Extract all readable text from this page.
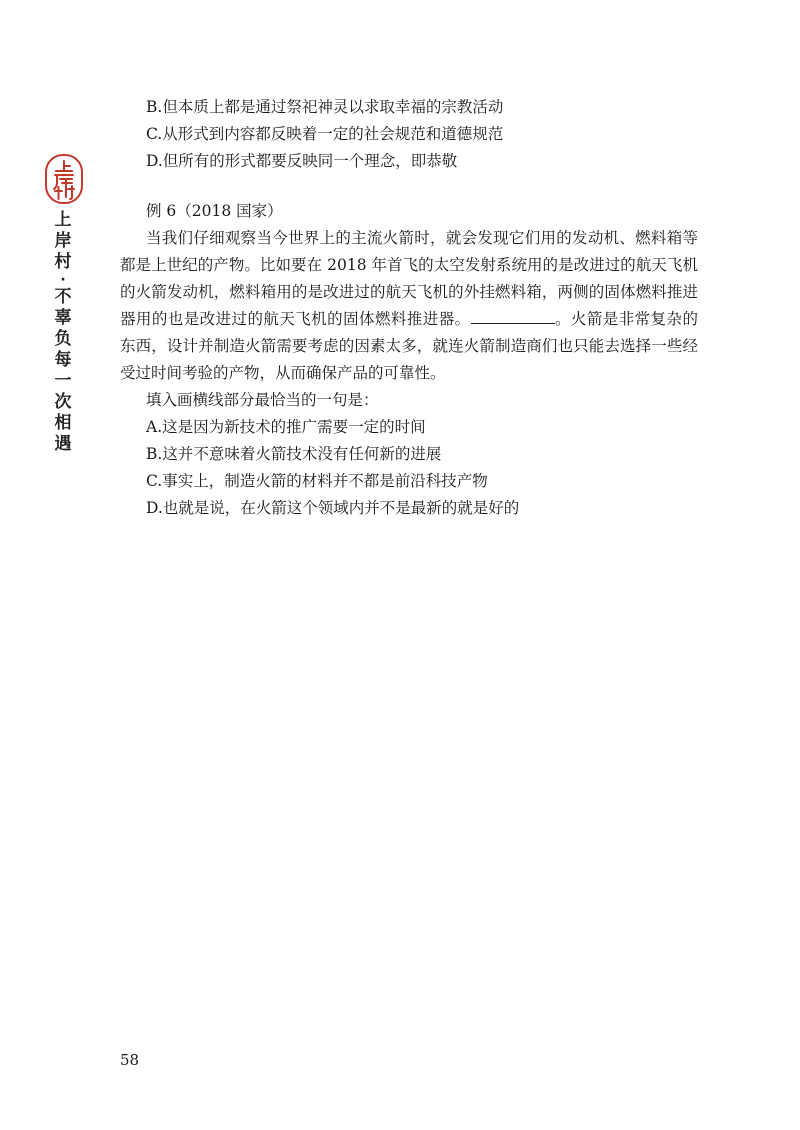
上
岸
村
·
不
辜
负
每
一
次
相
遇
B.但本质上都是通过祭祀神灵以求取幸福的宗教活动
C.从形式到内容都反映着一定的社会规范和道德规范
D.但所有的形式都要反映同一个理念，即恭敬
例 6（2018 国家）
当我们仔细观察当今世界上的主流火箭时，就会发现它们用的发动机、燃料箱等都是上世纪的产物。比如要在 2018 年首飞的太空发射系统用的是改进过的航天飞机的火箭发动机，燃料箱用的是改进过的航天飞机的外挂燃料箱，两侧的固体燃料推进器用的也是改进过的航天飞机的固体燃料推进器。	。火箭是非常复杂的东西，设计并制造火箭需要考虑的因素太多，就连火箭制造商们也只能去选择一些经受过时间考验的产物，从而确保产品的可靠性。
填入画横线部分最恰当的一句是：
A.这是因为新技术的推广需要一定的时间
B.这并不意味着火箭技术没有任何新的进展
C.事实上，制造火箭的材料并不都是前沿科技产物
D.也就是说，在火箭这个领域内并不是最新的就是好的
58
